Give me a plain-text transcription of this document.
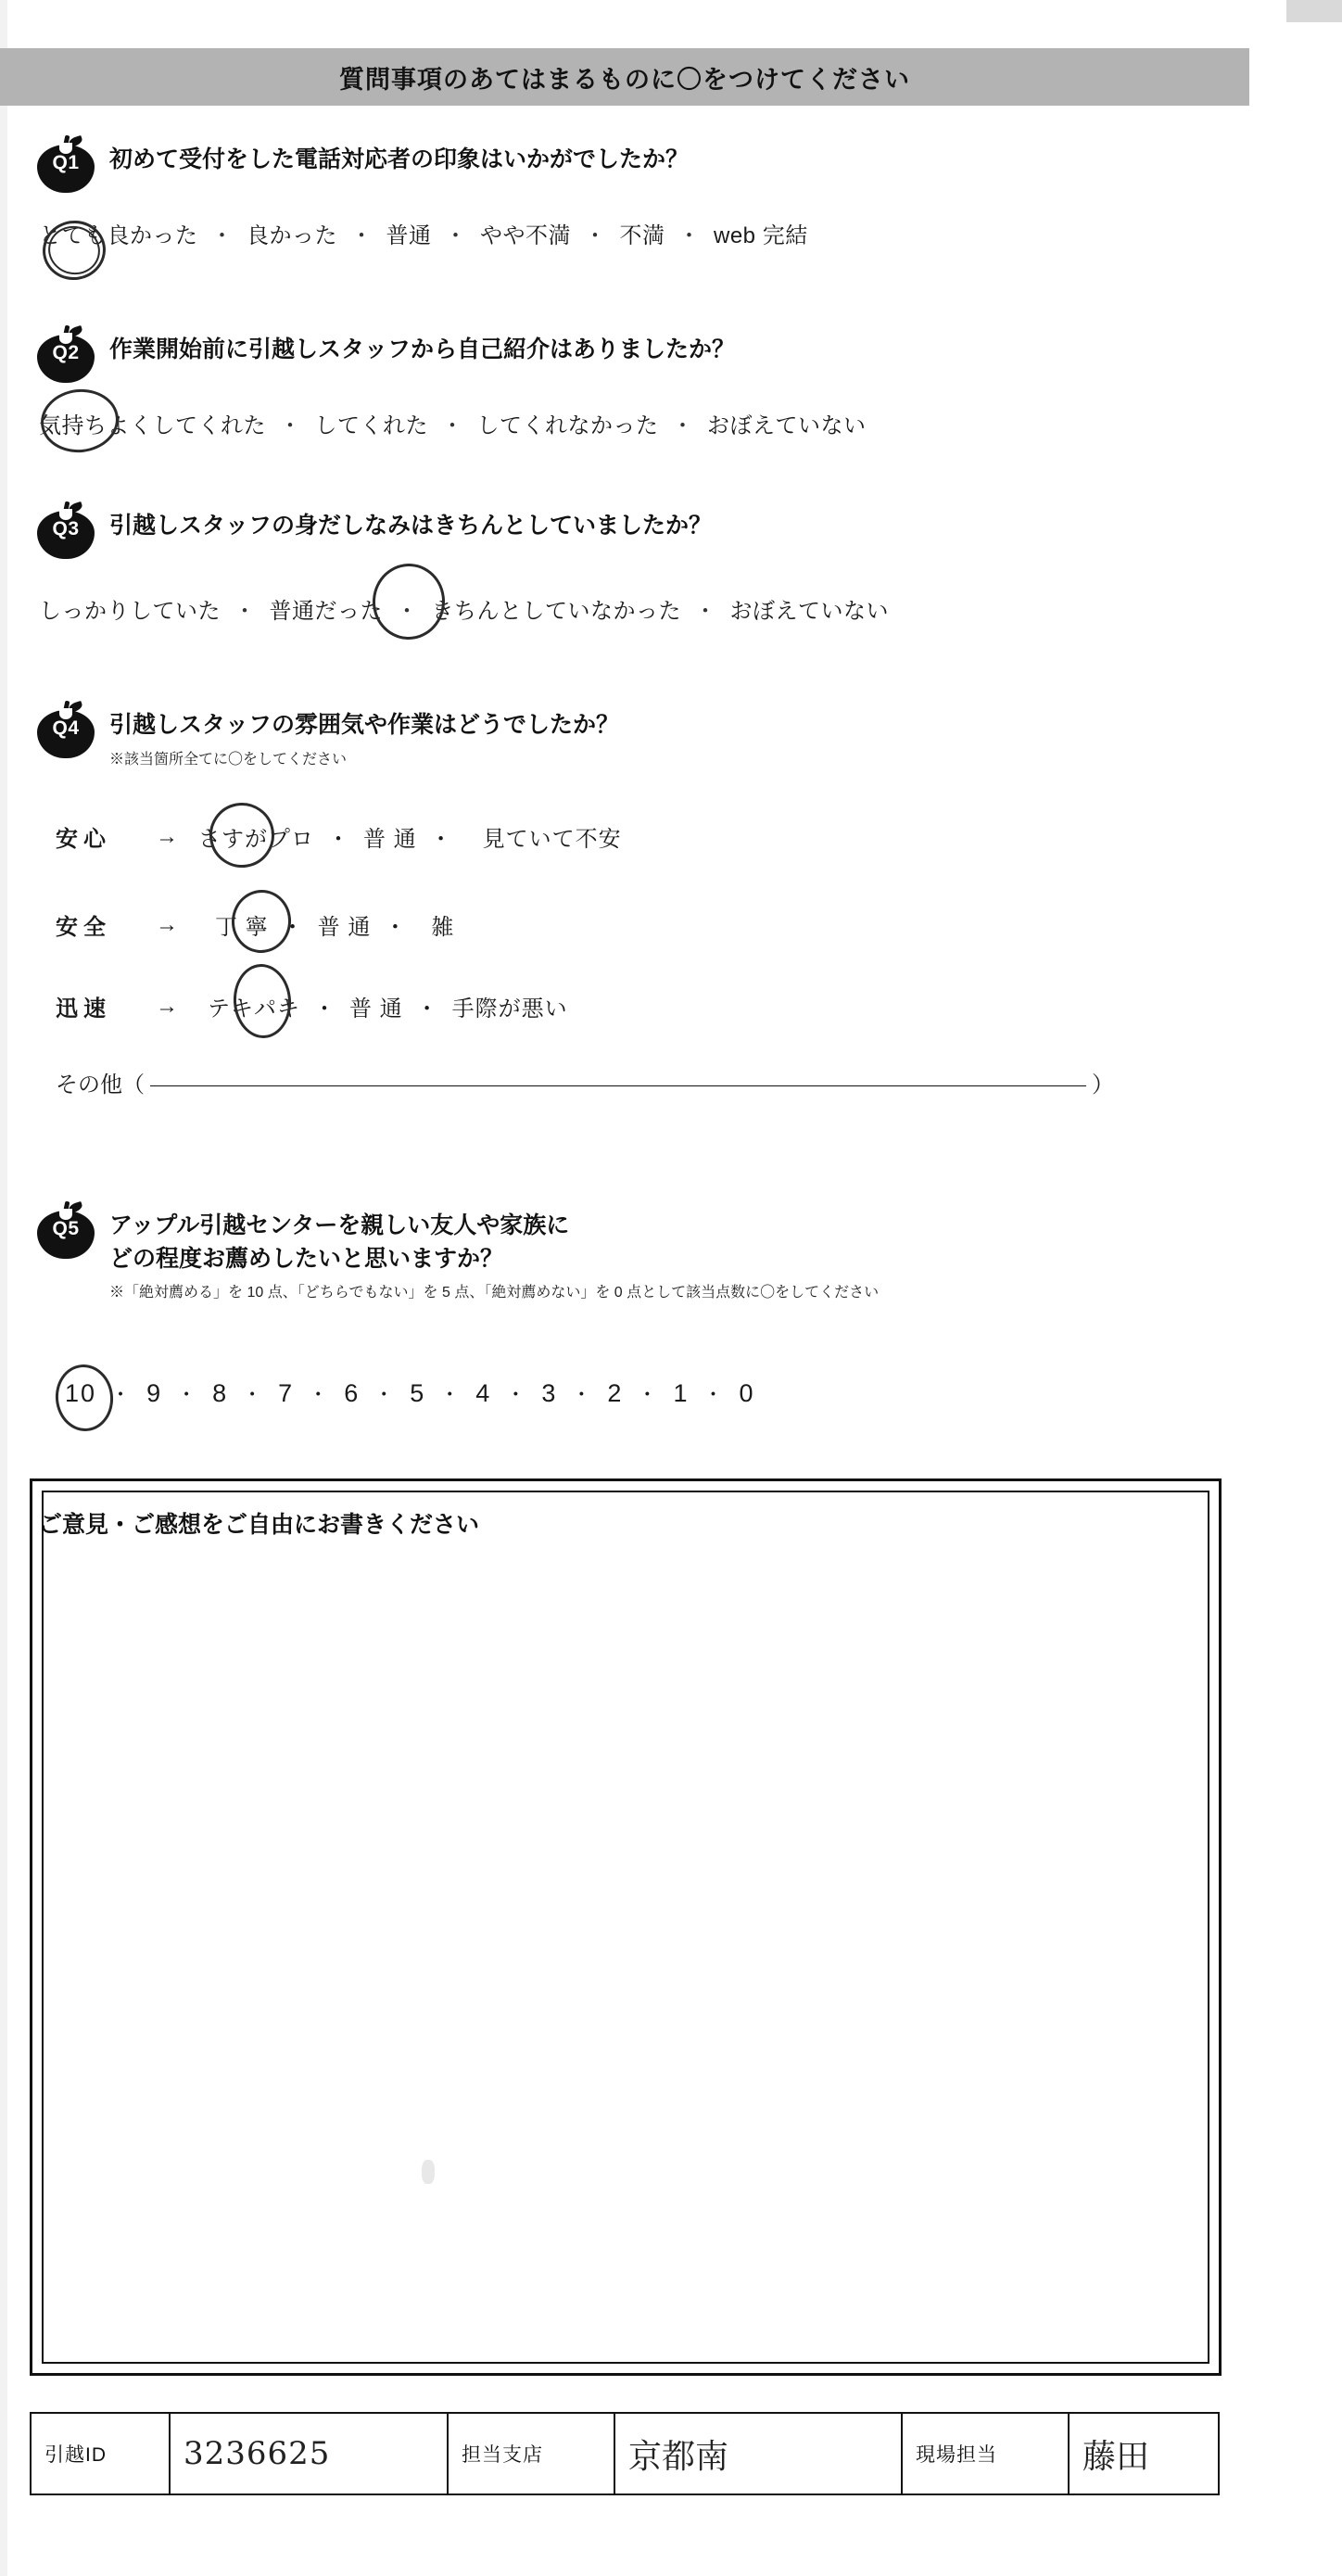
質問事項のあてはまるものに〇をつけてください
Q1	初めて受付をした電話対応者の印象はいかがでしたか？
とても良かった ・ 良かった ・ 普通 ・ やや不満 ・ 不満 ・ web 完結
Q2	作業開始前に引越しスタッフから自己紹介はありましたか？
気持ちよくしてくれた ・ してくれた ・ してくれなかった ・ おぼえていない
Q3	引越しスタッフの身だしなみはきちんとしていましたか？
しっかりしていた ・ 普通だった ・ きちんとしていなかった ・ おぼえていない
Q4	引越しスタッフの雰囲気や作業はどうでしたか？
※該当箇所全てに〇をしてください
安心	→ さすがプロ ・ 普 通 ・ 見ていて不安
安全	→	丁 寧 ・ 普 通 ・ 雑
迅速	→	テキパキ ・ 普 通 ・ 手際が悪い
その他（	）
Q5	アップル引越センターを親しい友人や家族に
どの程度お薦めしたいと思いますか？
※「絶対薦める」を 10 点、「どちらでもない」を 5 点、「絶対薦めない」を 0 点として該当点数に〇をしてください
10 ・ 9 ・ 8 ・ 7 ・ 6 ・ 5 ・ 4 ・ 3 ・ 2 ・ 1 ・ 0
ご意見・ご感想をご自由にお書きください
引越ID 3236625	担当支店	京都南	現場担当	藤田
